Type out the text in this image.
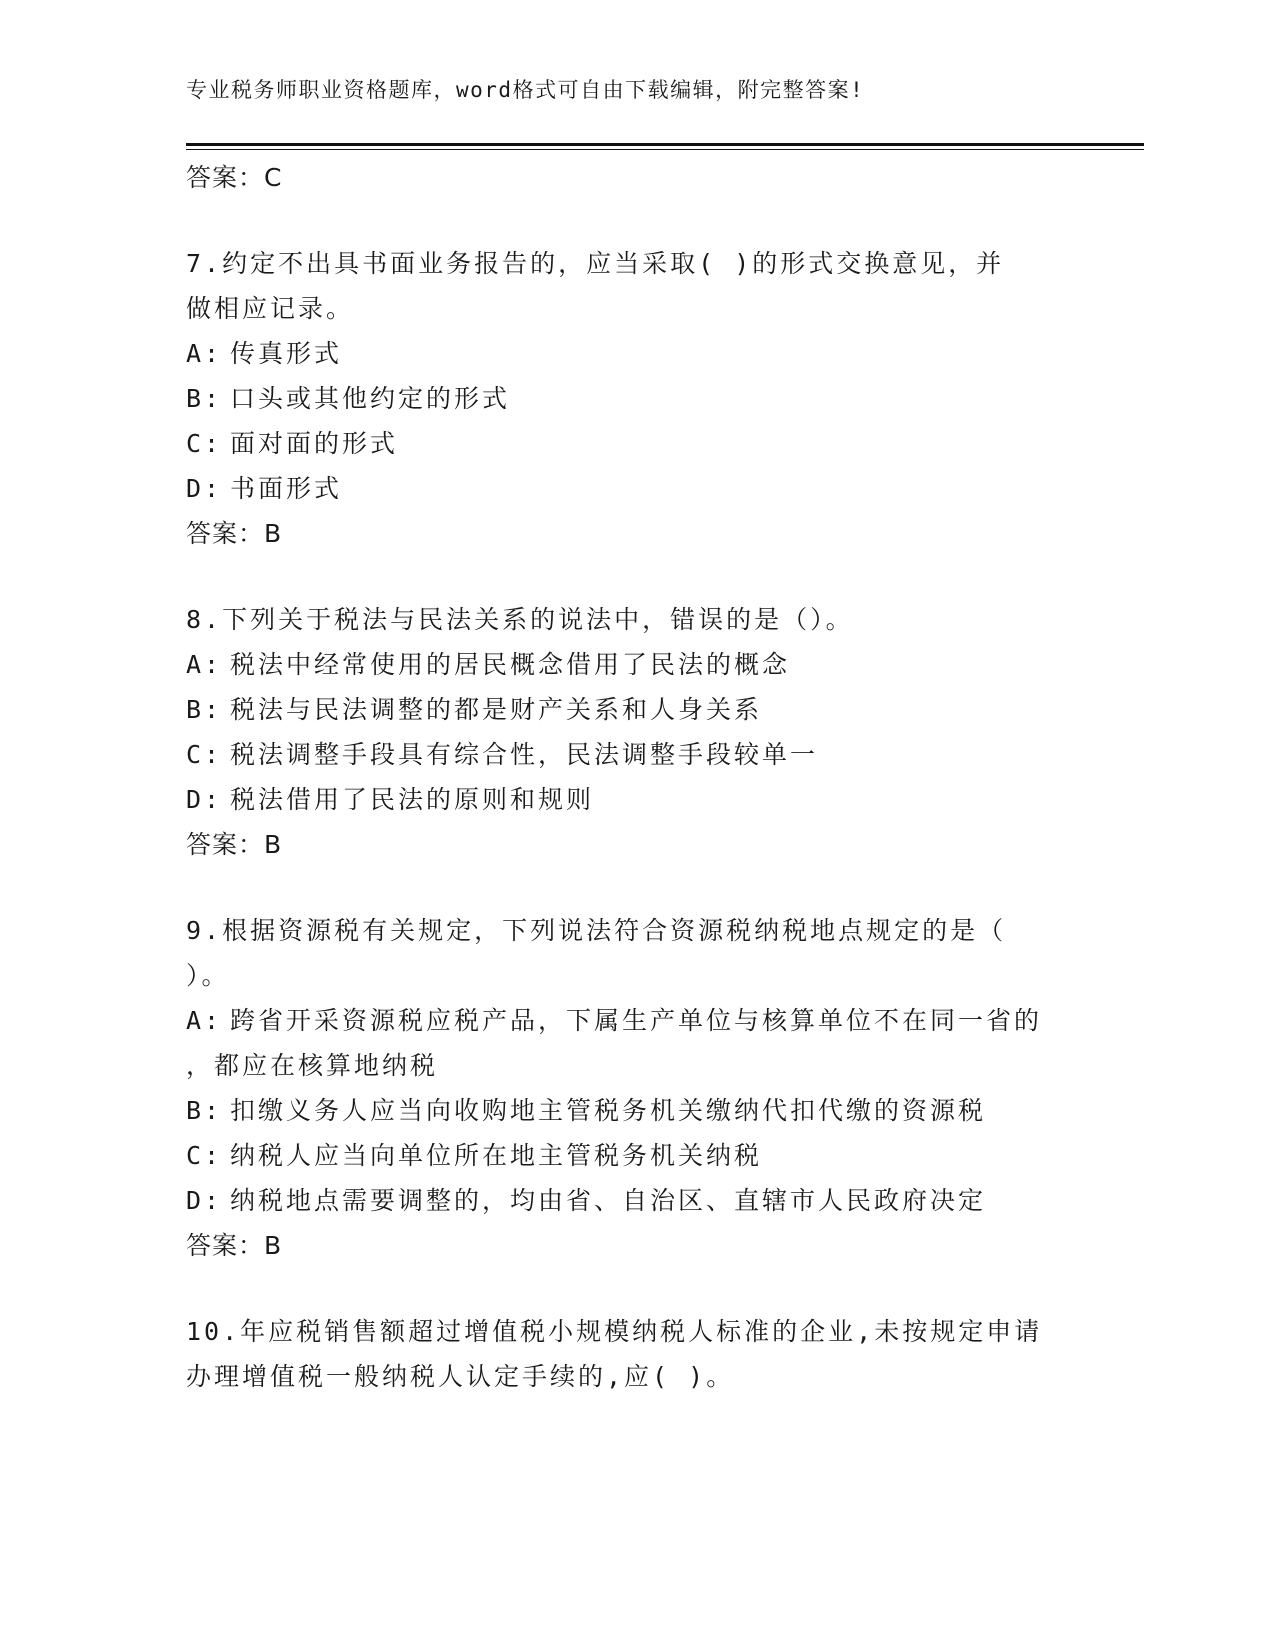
专业税务师职业资格题库，word格式可自由下载编辑，附完整答案!
答案：C
7.约定不出具书面业务报告的，应当采取( )的形式交换意见，并
做相应记录。
A: 传真形式
B: 口头或其他约定的形式
C: 面对面的形式
D: 书面形式
答案：B
8.下列关于税法与民法关系的说法中，错误的是（）。
A: 税法中经常使用的居民概念借用了民法的概念
B: 税法与民法调整的都是财产关系和人身关系
C: 税法调整手段具有综合性，民法调整手段较单一
D: 税法借用了民法的原则和规则
答案：B
9.根据资源税有关规定，下列说法符合资源税纳税地点规定的是（
）。
A: 跨省开采资源税应税产品，下属生产单位与核算单位不在同一省的
，都应在核算地纳税
B: 扣缴义务人应当向收购地主管税务机关缴纳代扣代缴的资源税
C: 纳税人应当向单位所在地主管税务机关纳税
D: 纳税地点需要调整的，均由省、自治区、直辖市人民政府决定
答案：B
10.年应税销售额超过增值税小规模纳税人标准的企业,未按规定申请
办理增值税一般纳税人认定手续的,应( )。
